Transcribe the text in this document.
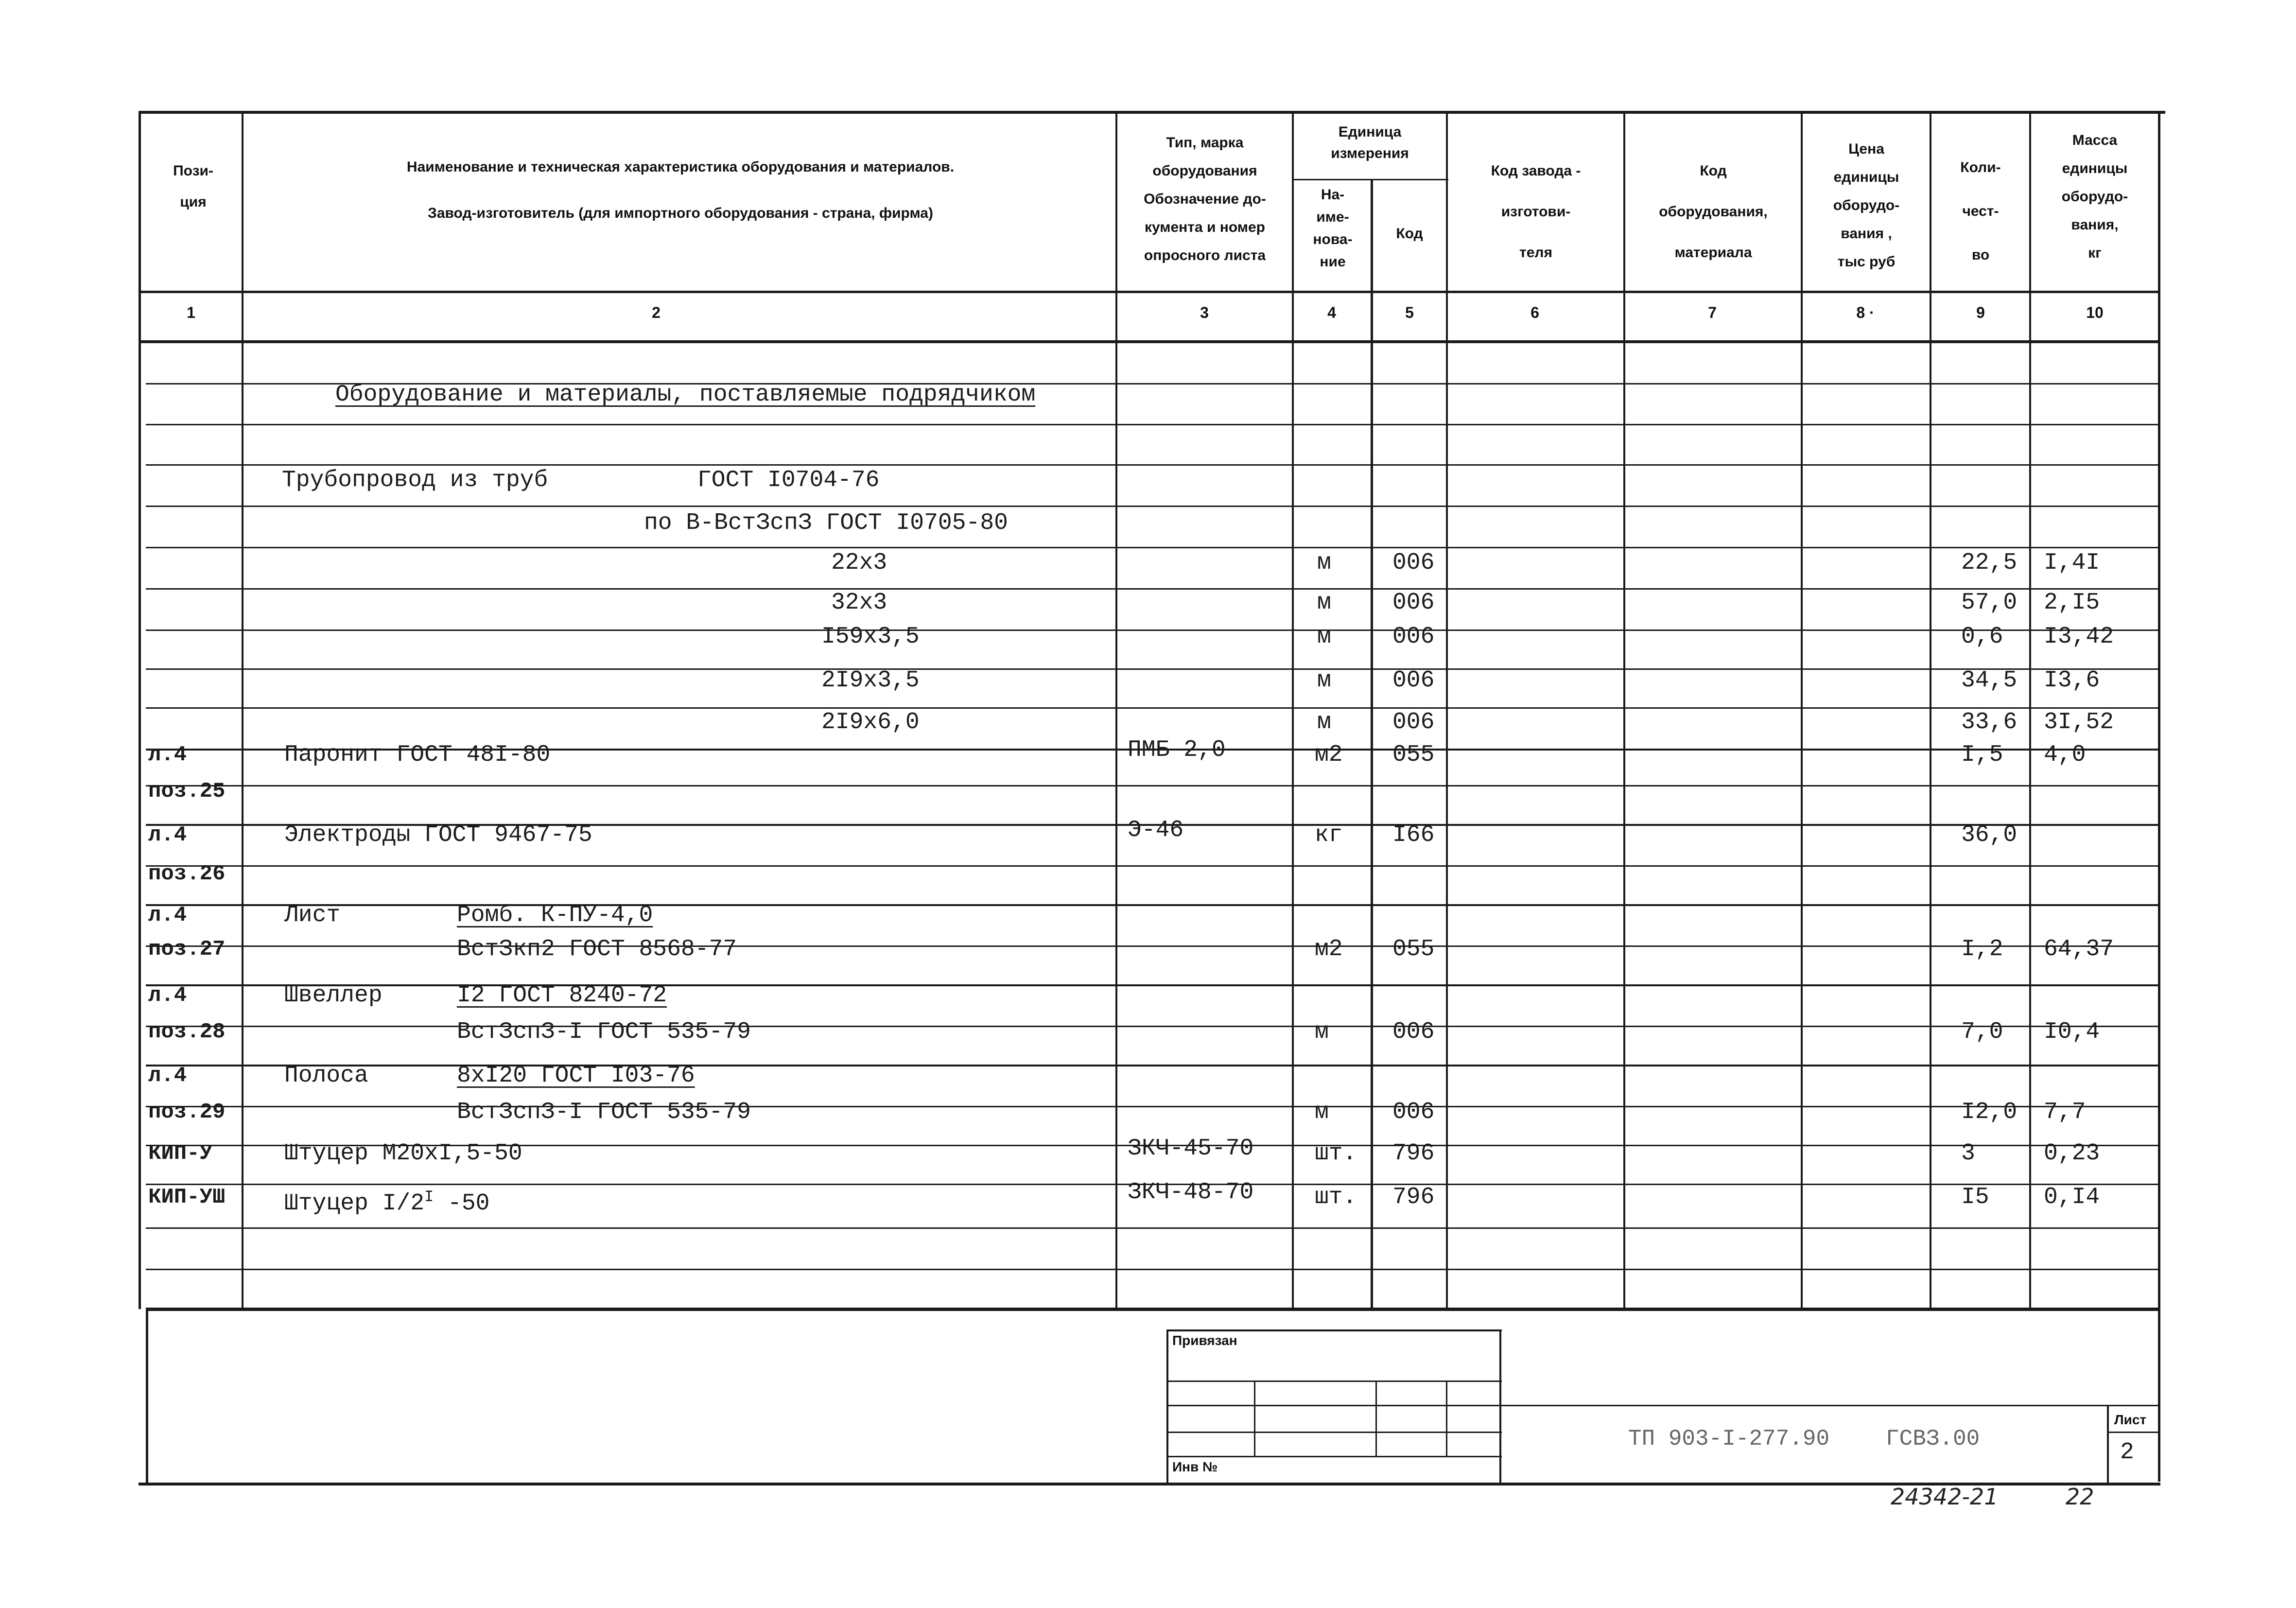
Пози-
ция
Наименование и техническая характеристика оборудования и материалов.
Завод-изготовитель (для импортного оборудования - страна, фирма)
Тип, марка
оборудования
Обозначение до-
кумента и номер
опросного листа
Единица
измерения
На-
име-
нова-
ние
Код
Код завода -
изготови-
теля
Код
оборудования,
материала
Цена
единицы
оборудо-
вания ,
тыс руб
Коли-
чест-
во
Масса
единицы
оборудо-
вания,
кг
1	2	3	4	5	6	7	8 ·	9	10
Оборудование и материалы, поставляемые подрядчиком
Трубопровод из труб	ГОСТ I0704-76
по В-ВстЗспЗ ГОСТ I0705-80
22х3	м	006	22,5 I,4I
32х3	м	006	57,0 2,I5
I59х3,5	м	006	0,6 I3,42
2I9х3,5	м	006	34,5 I3,6
2I9х6,0	м	006	33,6 3I,52
л.4
поз.25
Паронит ГОСТ 48I-80	ПМБ-2,0	м2 055	I,5 4,0
л.4
поз.26
Электроды ГОСТ 9467-75	Э-46	кг I66	36,0
л.4
поз.27
Лист	Ромб. К-ПУ-4,0
ВстЗкп2 ГОСТ 8568-77	м2 055	I,2 64,37
л.4
поз.28
Швеллер	I2 ГОСТ 8240-72
ВстЗспЗ-I ГОСТ 535-79	м	006	7,0 I0,4
л.4
поз.29
Полоса	8хI20 ГОСТ I03-76
ВстЗспЗ-I ГОСТ 535-79	м	006	I2,0 7,7
КИП-У	Штуцер М20хI,5-50	ЗКЧ-45-70	шт. 796	3	0,23
КИП-УШ	Штуцер $I/2^I$ -50	ЗКЧ-48-70	шт. 796	I5 0,I4
Привязан
Инв №
ТП 903-I-277.90	ГСВЗ.00
Лист
2
24342-21	22
